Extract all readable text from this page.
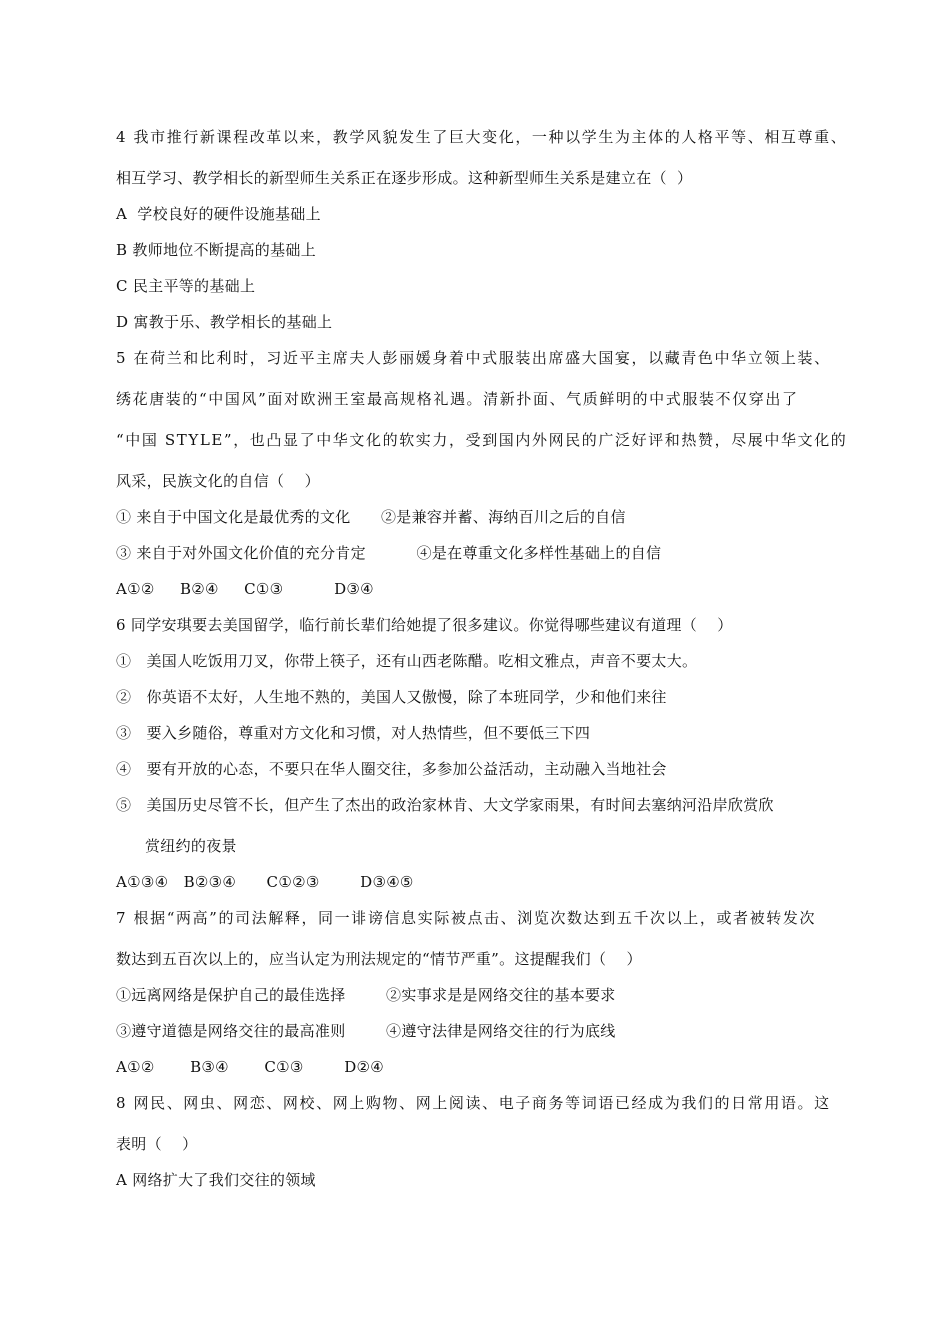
4 我市推行新课程改革以来，教学风貌发生了巨大变化，一种以学生为主体的人格平等、相互尊重、
相互学习、教学相长的新型师生关系正在逐步形成。这种新型师生关系是建立在（  ）
A  学校良好的硬件设施基础上
B 教师地位不断提高的基础上
C 民主平等的基础上
D 寓教于乐、教学相长的基础上
5 在荷兰和比利时，习近平主席夫人彭丽媛身着中式服装出席盛大国宴，以藏青色中华立领上装、
绣花唐装的“中国风”面对欧洲王室最高规格礼遇。清新扑面、气质鲜明的中式服装不仅穿出了
“中国 STYLE”，也凸显了中华文化的软实力，受到国内外网民的广泛好评和热赞，尽展中华文化的
风采，民族文化的自信（    ）
① 来自于中国文化是最优秀的文化      ②是兼容并蓄、海纳百川之后的自信
③ 来自于对外国文化价值的充分肯定          ④是在尊重文化多样性基础上的自信
A①②     B②④     C①③          D③④
6 同学安琪要去美国留学，临行前长辈们给她提了很多建议。你觉得哪些建议有道理（    ）
①   美国人吃饭用刀叉，你带上筷子，还有山西老陈醋。吃相文雅点，声音不要太大。
②   你英语不太好，人生地不熟的，美国人又傲慢，除了本班同学，少和他们来往
③   要入乡随俗，尊重对方文化和习惯，对人热情些，但不要低三下四
④   要有开放的心态，不要只在华人圈交往，多参加公益活动，主动融入当地社会
⑤   美国历史尽管不长，但产生了杰出的政治家林肯、大文学家雨果，有时间去塞纳河沿岸欣赏欣
赏纽约的夜景
A①③④   B②③④      C①②③        D③④⑤
7 根据“两高”的司法解释，同一诽谤信息实际被点击、浏览次数达到五千次以上，或者被转发次
数达到五百次以上的，应当认定为刑法规定的“情节严重”。这提醒我们（    ）
①远离网络是保护自己的最佳选择        ②实事求是是网络交往的基本要求
③遵守道德是网络交往的最高准则        ④遵守法律是网络交往的行为底线
A①②       B③④       C①③        D②④
8 网民、网虫、网恋、网校、网上购物、网上阅读、电子商务等词语已经成为我们的日常用语。这
表明（    ）
A 网络扩大了我们交往的领域
